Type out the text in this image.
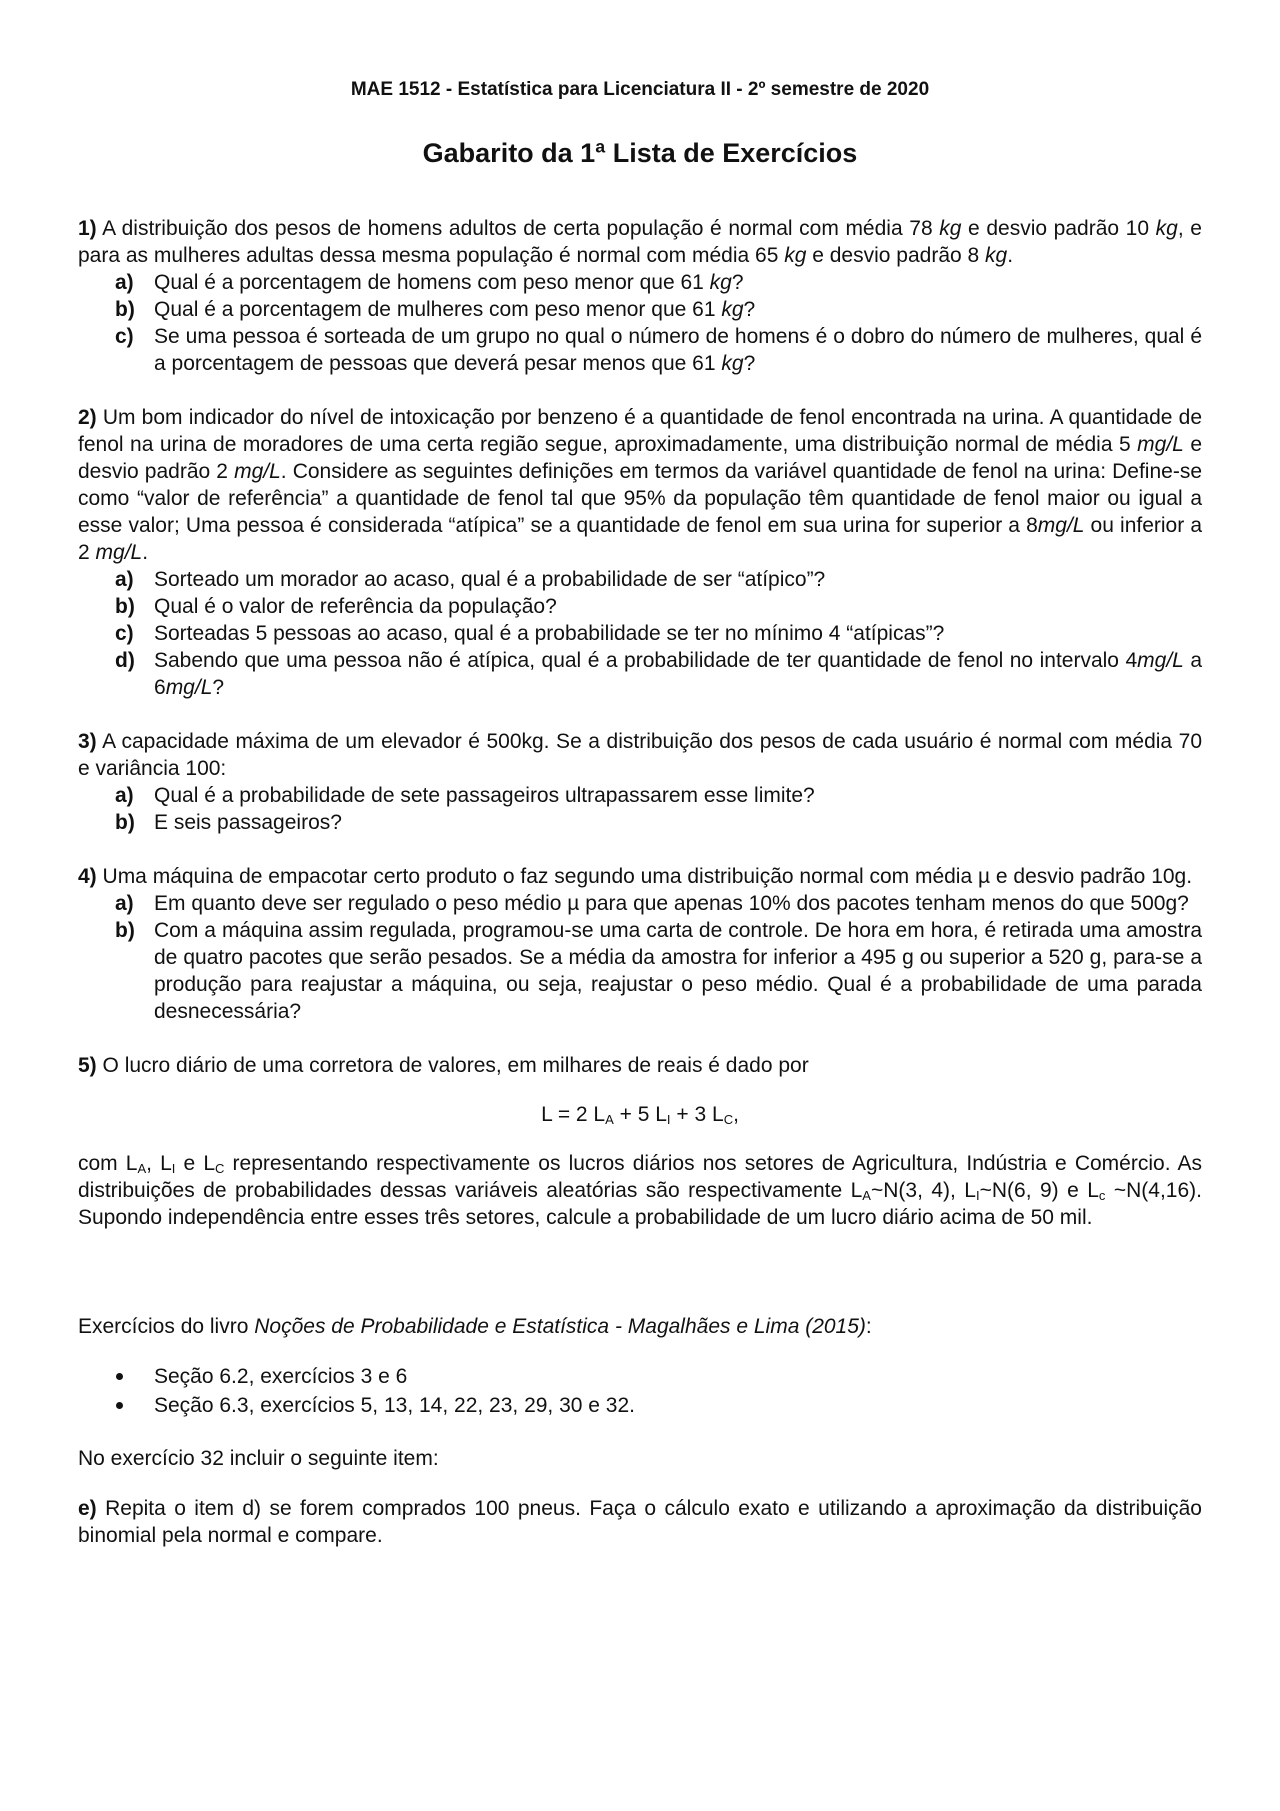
MAE 1512 - Estatística para Licenciatura II - 2º semestre de 2020

Gabarito da 1ª Lista de Exercícios

1) A distribuição dos pesos de homens adultos de certa população é normal com média 78 kg e desvio padrão 10 kg, e para as mulheres adultas dessa mesma população é normal com média 65 kg e desvio padrão 8 kg.

a) Qual é a porcentagem de homens com peso menor que 61 kg?
b) Qual é a porcentagem de mulheres com peso menor que 61 kg?
c) Se uma pessoa é sorteada de um grupo no qual o número de homens é o dobro do número de mulheres, qual é a porcentagem de pessoas que deverá pesar menos que 61 kg?

2) Um bom indicador do nível de intoxicação por benzeno é a quantidade de fenol encontrada na urina. A quantidade de fenol na urina de moradores de uma certa região segue, aproximadamente, uma distribuição normal de média 5 mg/L e desvio padrão 2 mg/L. Considere as seguintes definições em termos da variável quantidade de fenol na urina: Define-se como “valor de referência” a quantidade de fenol tal que 95% da população têm quantidade de fenol maior ou igual a esse valor; Uma pessoa é considerada “atípica” se a quantidade de fenol em sua urina for superior a 8mg/L ou inferior a 2 mg/L.

a) Sorteado um morador ao acaso, qual é a probabilidade de ser “atípico”?
b) Qual é o valor de referência da população?
c) Sorteadas 5 pessoas ao acaso, qual é a probabilidade se ter no mínimo 4 “atípicas”?
d) Sabendo que uma pessoa não é atípica, qual é a probabilidade de ter quantidade de fenol no intervalo 4mg/L a 6mg/L?

3) A capacidade máxima de um elevador é 500kg. Se a distribuição dos pesos de cada usuário é normal com média 70 e variância 100:

a) Qual é a probabilidade de sete passageiros ultrapassarem esse limite?
b) E seis passageiros?

4) Uma máquina de empacotar certo produto o faz segundo uma distribuição normal com média µ e desvio padrão 10g.

a) Em quanto deve ser regulado o peso médio µ para que apenas 10% dos pacotes tenham menos do que 500g?
b) Com a máquina assim regulada, programou-se uma carta de controle. De hora em hora, é retirada uma amostra de quatro pacotes que serão pesados. Se a média da amostra for inferior a 495 g ou superior a 520 g, para-se a produção para reajustar a máquina, ou seja, reajustar o peso médio. Qual é a probabilidade de uma parada desnecessária?

5) O lucro diário de uma corretora de valores, em milhares de reais é dado por

L = 2 $L_A + 5$ $L_I + 3$ $L_C$,

com $L_A$, $L_I$ e $L_C$ representando respectivamente os lucros diários nos setores de Agricultura, Indústria e Comércio. As distribuições de probabilidades dessas variáveis aleatórias são respectivamente $L_A\sim N(3$, 4), $L_I\sim N(6$, 9) e $L_c$ ~N(4,16). Supondo independência entre esses três setores, calcule a probabilidade de um lucro diário acima de 50 mil.

Exercícios do livro Noções de Probabilidade e Estatística - Magalhães e Lima (2015):

Seção 6.2, exercícios 3 e 6
Seção 6.3, exercícios 5, 13, 14, 22, 23, 29, 30 e 32.

No exercício 32 incluir o seguinte item:

e) Repita o item d) se forem comprados 100 pneus. Faça o cálculo exato e utilizando a aproximação da distribuição binomial pela normal e compare.
